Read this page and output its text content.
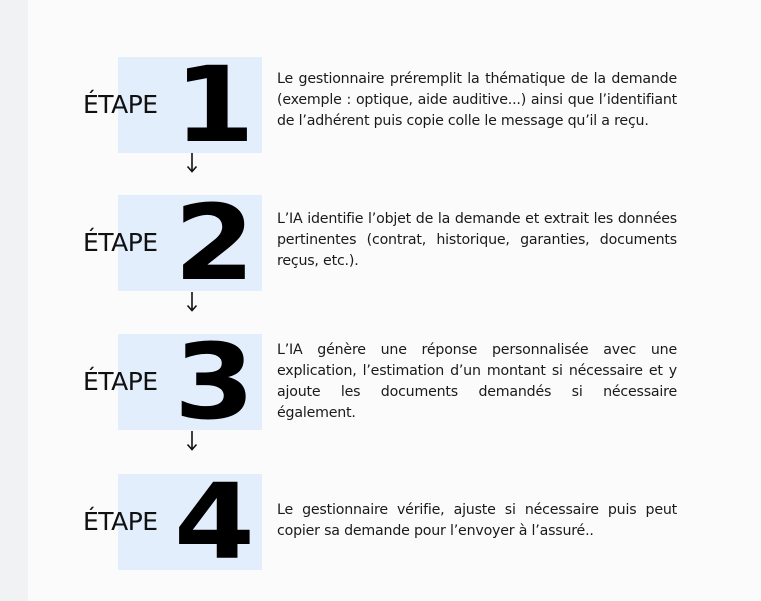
ÉTAPE 1	Le gestionnaire préremplit la thématique de la demande (exemple : optique, aide auditive...) ainsi que l’identifiant de l’adhérent puis copie colle le message qu’il a reçu.
ÉTAPE 2	L’IA identifie l’objet de la demande et extrait les données pertinentes (contrat, historique, garanties, documents reçus, etc.).
ÉTAPE 3	L’IA génère une réponse personnalisée avec une explication, l’estimation d’un montant si nécessaire et y ajoute les documents demandés si nécessaire également.
ÉTAPE 4	Le gestionnaire vérifie, ajuste si nécessaire puis peut copier sa demande pour l’envoyer à l’assuré..
